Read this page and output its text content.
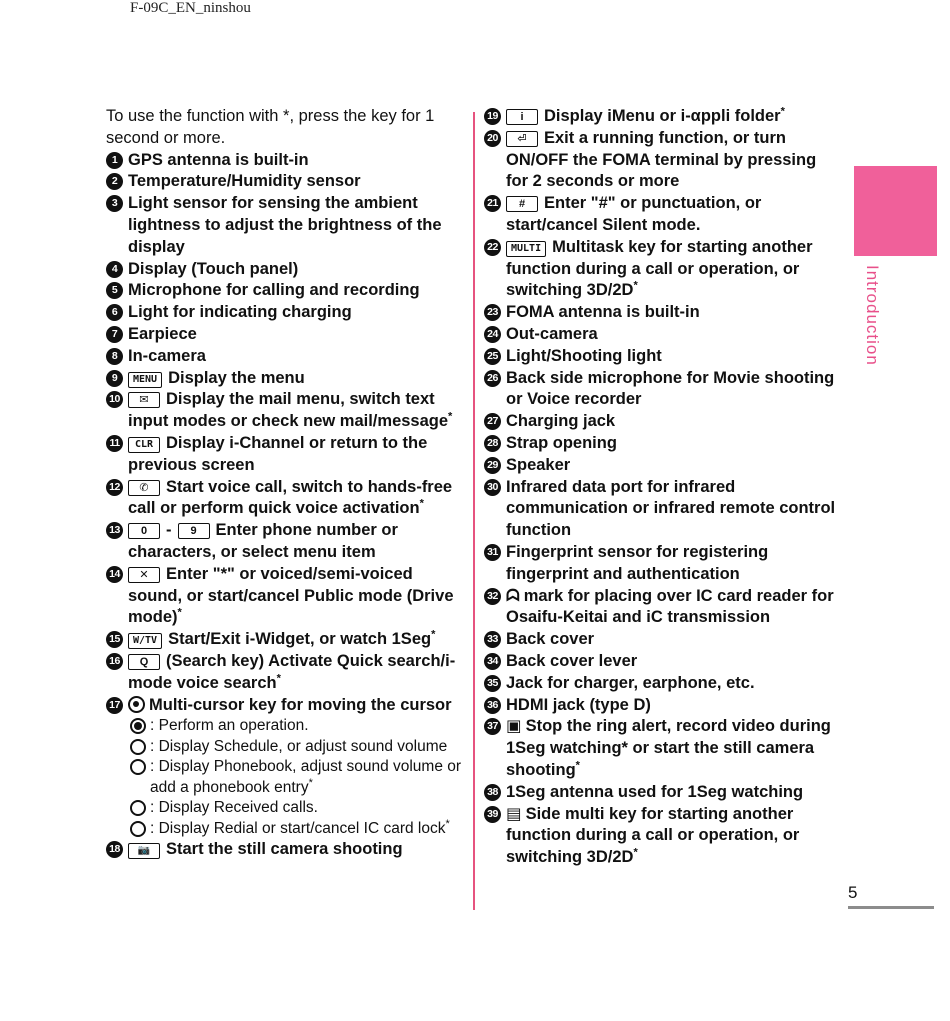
F-09C_EN_ninshou

To use the function with *, press the key for 1 second or more.

1 GPS antenna is built-in
2 Temperature/Humidity sensor
3 Light sensor for sensing the ambient lightness to adjust the brightness of the display
4 Display (Touch panel)
5 Microphone for calling and recording
6 Light for indicating charging
7 Earpiece
8 In-camera
9	MENU Display the menu
10	✉ Display the mail menu, switch text input modes or check new mail/message*
11	CLR Display i-Channel or return to the previous screen
12	✆ Start voice call, switch to hands-free call or perform quick voice activation*
13	0 - 9 Enter phone number or characters, or select menu item
14	✕ Enter "*" or voiced/semi-voiced sound, or start/cancel Public mode (Drive mode)*
15	W/TV Start/Exit i-Widget, or watch 1Seg*
16	Q (Search key) Activate Quick search/i-mode voice search*
17	Multi-cursor key for moving the cursor
: Perform an operation.
: Display Schedule, or adjust sound volume
: Display Phonebook, adjust sound volume or add a phonebook entry*
: Display Received calls.
: Display Redial or start/cancel IC card lock*
18	📷 Start the still camera shooting
19	i Display iMenu or i-αppli folder*
20	⏎ Exit a running function, or turn ON/OFF the FOMA terminal by pressing for 2 seconds or more
21	# Enter "#" or punctuation, or start/cancel Silent mode.
22	MULTI Multitask key for starting another function during a call or operation, or switching 3D/2D*
23 FOMA antenna is built-in
24 Out-camera
25 Light/Shooting light
26 Back side microphone for Movie shooting or Voice recorder
27 Charging jack
28 Strap opening
29 Speaker
30 Infrared data port for infrared communication or infrared remote control function
31 Fingerprint sensor for registering fingerprint and authentication
32 ᗣ mark for placing over IC card reader for Osaifu-Keitai and iC transmission
33 Back cover
34 Back cover lever
35 Jack for charger, earphone, etc.
36 HDMI jack (type D)
37 ▣ Stop the ring alert, record video during 1Seg watching* or start the still camera shooting*
38 1Seg antenna used for 1Seg watching
39 ▤ Side multi key for starting another function during a call or operation, or switching 3D/2D*
Introduction
5
